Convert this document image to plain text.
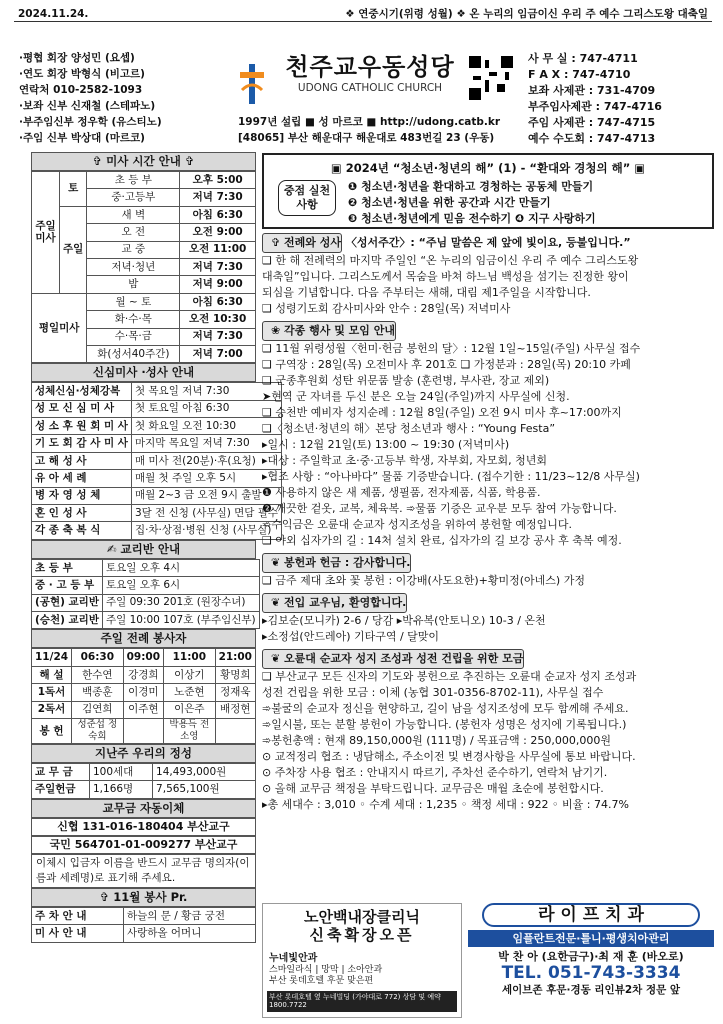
2024.11.24.	❖ 연중시기(위령 성월) ❖ 온 누리의 임금이신 우리 주 예수 그리스도왕 대축일
·평협 회장 양성민 (요셉)
·연도 회장 박형식 (비고르)
연락처 010-2582-1093
·보좌 신부 신재철 (스테파노)
·부주임신부 정우학 (유스티노)
·주임 신부 박상대 (마르코)
천주교우동성당
UDONG CATHOLIC CHURCH
사 무 실 : 747-4711
F A X : 747-4710
보좌 사제관 : 731-4709
부주임사제관 : 747-4716
주임 사제관 : 747-4715
예수 수도회 : 747-4713
1997년 설립 ■ 성 마르코 ■ http://udong.catb.kr
[48065] 부산 해운대구 해운대로 483번길 23 (우동)
✞ 미사 시간 안내 ✞
주일미사	토	초 등 부	오후 5:00
		중·고등부	저녁 7:30
	주일	새 벽	아침 6:30
		오 전	오전 9:00
		교 중	오전 11:00
		저녁·청년	저녁 7:30
		밤	저녁 9:00
평일미사		월 ~ 토	아침 6:30
		화·수·목	오전 10:30
		수·목·금	저녁 7:30
		화(성서40주간)	저녁 7:00
신심미사 ·성사 안내
성체신심·성체강복	첫 목요일 저녁 7:30
성 모 신 심 미 사	첫 토요일 아침 6:30
성 소 후 원 회 미 사	첫 화요일 오전 10:30
기 도 회 감 사 미 사	마지막 목요일 저녁 7:30
고 해 성 사	매 미사 전(20분)·후(요청)
유 아 세 례	매월 첫 주일 오후 5시
병 자 영 성 체	매월 2~3 금 오전 9시 출발
혼 인 성 사	3달 전 신청 (사무실) 면담 필수
각 종 축 복 식	집·차·상점·병원 신청 (사무실)
✍ 교리반 안내
초 등 부	토요일 오후 4시
중 · 고 등 부	토요일 오후 6시
(공현) 교리반	주일 09:30 201호 (원장수녀)
(승천) 교리반	주일 10:00 107호 (부주임신부)
주일 전례 봉사자
11/24	06:30	09:00	11:00	21:00
해 설	한수연	강경희	이상기	황명희
1독서	백종훈	이경미	노준현	정재욱
2독서	김연희	이주현	이은주	배정현
봉 헌	성준섭 정숙희		박용득 전소영	
지난주 우리의 정성
교 무 금	100세대	14,493,000원
주일헌금	1,166명	7,565,100원
교무금 자동이체
신협 131-016-180404 부산교구
국민 564701-01-009277 부산교구
이체시 입금자 이름을 반드시 교무금 명의자(이름과 세례명)로 표기해 주세요.
✞ 11월 봉사 Pr.
주 차 안 내	하늘의 문 / 황금 궁전
미 사 안 내	사랑하올 어머니
▣ 2024년 “청소년·청년의 해” (1) - “환대와 경청의 해” ▣
중점 실천 사항
❶ 청소년·청년을 환대하고 경청하는 공동체 만들기
❷ 청소년·청년을 위한 공간과 시간 만들기
❸ 청소년·청년에게 믿음 전수하기 ❹ 지구 사랑하기
✞ 전례와 성사 〈성서주간〉: “주님 말씀은 제 앞에 빛이요, 등불입니다.”
❑ 한 해 전례력의 마지막 주일인 “온 누리의 임금이신 우리 주 예수 그리스도왕
대축일”입니다. 그리스도께서 목숨을 바쳐 하느님 백성을 섬기는 진정한 왕이
되심을 기념합니다. 다음 주부터는 새해, 대림 제1주일을 시작합니다.
❑ 성령기도회 감사미사와 안수 : 28일(목) 저녁미사
❀ 각종 행사 및 모임 안내
❑ 11월 위령성월〈헌미·헌금 봉헌의 달〉: 12월 1일~15일(주일) 사무실 접수
❑ 구역장 : 28일(목) 오전미사 후 201호 ❑ 가정분과 : 28일(목) 20:10 카페
❑ 군종후원회 성탄 위문품 발송 (훈련병, 부사관, 장교 제외)
➤현역 군 자녀를 두신 분은 오늘 24일(주일)까지 사무실에 신청.
❑ 승천반 예비자 성지순례 : 12월 8일(주일) 오전 9시 미사 후~17:00까지
❑〈청소년·청년의 해〉본당 청소년과 행사 : “Young Festa”
▸일시 : 12월 21일(토) 13:00 ~ 19:30 (저녁미사)
▸대상 : 주일학교 초·중·고등부 학생, 자부회, 자모회, 청년회
▸협조 사항 : “아나바다” 물품 기증받습니다. (접수기한 : 11/23~12/8 사무실)
❶ 사용하지 않은 새 제품, 생필품, 전자제품, 식품, 학용품.
❷ 깨끗한 겉옷, 교복, 체육복. ➾물품 기증은 교우분 모두 참여 가능합니다.
➾수익금은 오륜대 순교자 성지조성을 위하여 봉헌할 예정입니다.
❑ 야외 십자가의 길 : 14처 설치 완료, 십자가의 길 보강 공사 후 축복 예정.
❦ 봉헌과 헌금 : 감사합니다.
❑ 금주 제대 초와 꽃 봉헌 : 이강배(사도요한)+황미정(아네스) 가정
❦ 전입 교우님, 환영합니다.
▸김보순(모니카) 2-6 / 당감 ▸박유복(안토니오) 10-3 / 온천
▸소정섭(안드레아) 기타구역 / 달맞이
❦ 오륜대 순교자 성지 조성과 성전 건립을 위한 모금
❑ 부산교구 모든 신자의 기도와 봉헌으로 추진하는 오륜대 순교자 성지 조성과
성전 건립을 위한 모금 : 이체 (농협 301-0356-8702-11), 사무실 접수
➾불굴의 순교자 정신을 현양하고, 길이 남을 성지조성에 모두 함께해 주세요.
➾일시불, 또는 분할 봉헌이 가능합니다. (봉헌자 성명은 성지에 기록됩니다.)
➾봉헌총액 : 현재 89,150,000원 (111명) / 목표금액 : 250,000,000원
⊙ 교적정리 협조 : 냉담해소, 주소이전 및 변경사항을 사무실에 통보 바랍니다.
⊙ 주차장 사용 협조 : 안내지시 따르기, 주차선 준수하기, 연락처 남기기.
⊙ 올해 교무금 책정을 부탁드립니다. 교무금은 매월 초순에 봉헌합시다.
▸총 세대수 : 3,010 ◦ 수계 세대 : 1,235 ◦ 책정 세대 : 922 ◦ 비율 : 74.7%
노안백내장클리닉
신축확장오픈
누네빛안과
스마일라식 | 망막 | 소아안과
부산 롯데호텔 후문 맞은편
부산 롯데호텔 옆 누네빌딩 (가야대로 772) 상담 및 예약 1800.7722
라 이 프 치 과
임플란트전문·틀니·평생치아관리
박 찬 아 (요한금구)·최 재 훈 (바오로)
TEL. 051-743-3334
세이브존 후문·경동 리인뷰2차 정문 앞
